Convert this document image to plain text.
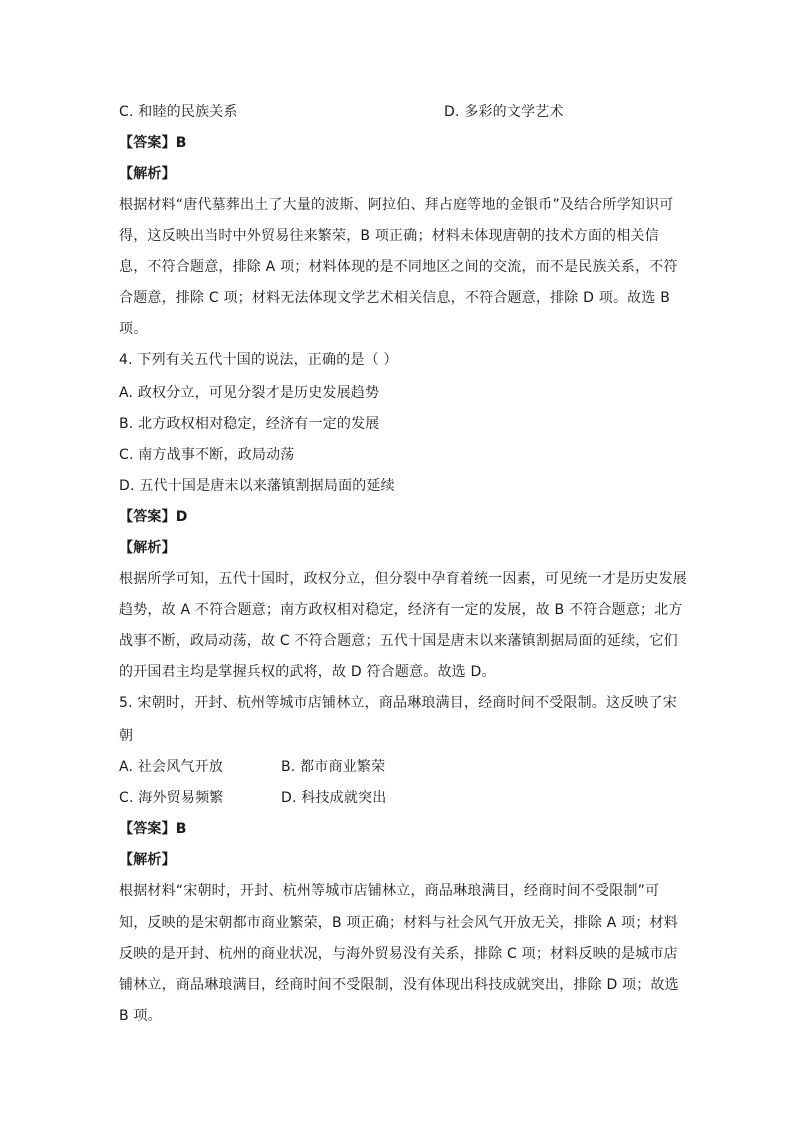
C. 和睦的民族关系	D. 多彩的文学艺术
【答案】B
【解析】
根据材料“唐代墓葬出土了大量的波斯、阿拉伯、拜占庭等地的金银币”及结合所学知识可
得，这反映出当时中外贸易往来繁荣，B 项正确；材料未体现唐朝的技术方面的相关信
息，不符合题意，排除 A 项；材料体现的是不同地区之间的交流，而不是民族关系，不符
合题意，排除 C 项；材料无法体现文学艺术相关信息，不符合题意，排除 D 项。故选 B
项。
4. 下列有关五代十国的说法，正确的是（ ）
A. 政权分立，可见分裂才是历史发展趋势
B. 北方政权相对稳定，经济有一定的发展
C. 南方战事不断，政局动荡
D. 五代十国是唐末以来藩镇割据局面的延续
【答案】D
【解析】
根据所学可知，五代十国时，政权分立，但分裂中孕育着统一因素，可见统一才是历史发展
趋势，故 A 不符合题意；南方政权相对稳定，经济有一定的发展，故 B 不符合题意；北方
战事不断，政局动荡，故 C 不符合题意；五代十国是唐末以来藩镇割据局面的延续，它们
的开国君主均是掌握兵权的武将，故 D 符合题意。故选 D。
5. 宋朝时，开封、杭州等城市店铺林立，商品琳琅满目，经商时间不受限制。这反映了宋
朝
A. 社会风气开放	B. 都市商业繁荣
C. 海外贸易频繁	D. 科技成就突出
【答案】B
【解析】
根据材料“宋朝时，开封、杭州等城市店铺林立，商品琳琅满目，经商时间不受限制”可
知，反映的是宋朝都市商业繁荣，B 项正确；材料与社会风气开放无关，排除 A 项；材料
反映的是开封、杭州的商业状况，与海外贸易没有关系，排除 C 项；材料反映的是城市店
铺林立，商品琳琅满目，经商时间不受限制，没有体现出科技成就突出，排除 D 项；故选
B 项。
